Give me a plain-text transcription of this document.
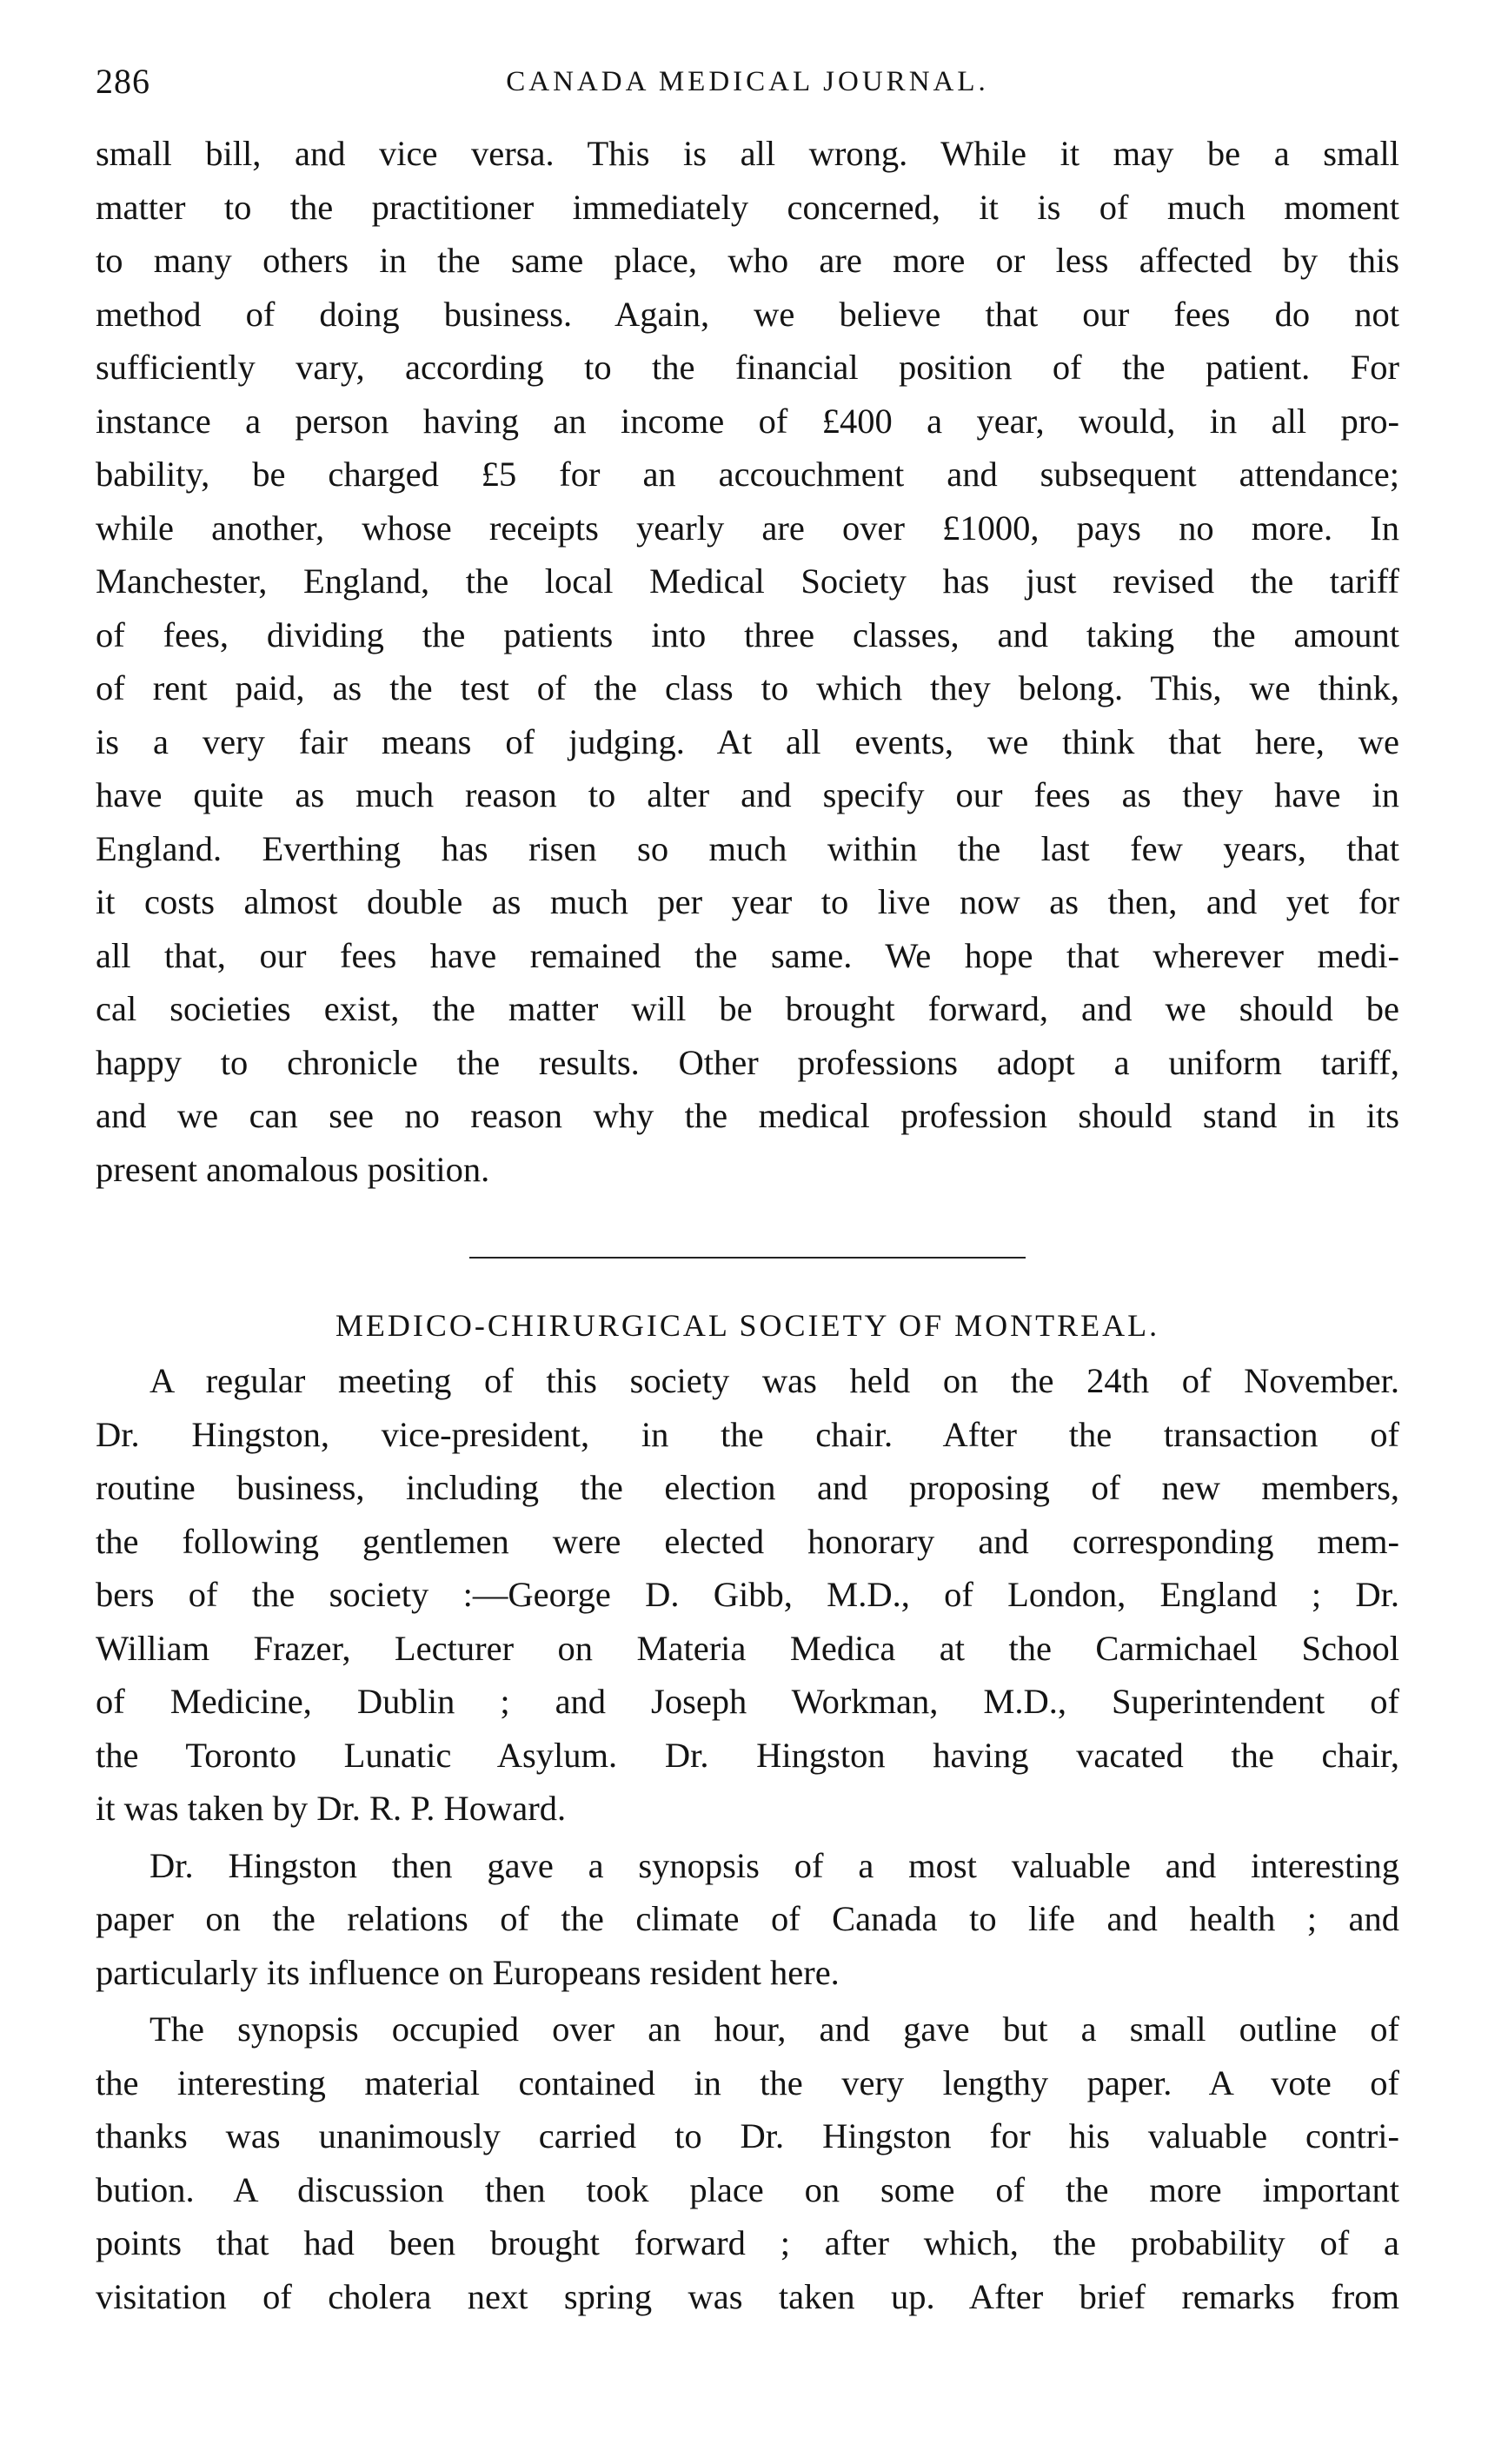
286	CANADA MEDICAL JOURNAL.
small bill, and vice versa. This is all wrong. While it may be a small
matter to the practitioner immediately concerned, it is of much moment
to many others in the same place, who are more or less affected by this
method of doing business. Again, we believe that our fees do not
sufficiently vary, according to the financial position of the patient. For
instance a person having an income of £400 a year, would, in all pro-
bability, be charged £5 for an accouchment and subsequent attendance;
while another, whose receipts yearly are over £1000, pays no more. In
Manchester, England, the local Medical Society has just revised the tariff
of fees, dividing the patients into three classes, and taking the amount
of rent paid, as the test of the class to which they belong. This, we think,
is a very fair means of judging. At all events, we think that here, we
have quite as much reason to alter and specify our fees as they have in
England. Everthing has risen so much within the last few years, that
it costs almost double as much per year to live now as then, and yet for
all that, our fees have remained the same. We hope that wherever medi-
cal societies exist, the matter will be brought forward, and we should be
happy to chronicle the results. Other professions adopt a uniform tariff,
and we can see no reason why the medical profession should stand in its
present anomalous position.
MEDICO-CHIRURGICAL SOCIETY OF MONTREAL.
A regular meeting of this society was held on the 24th of November.
Dr. Hingston, vice-president, in the chair. After the transaction of
routine business, including the election and proposing of new members,
the following gentlemen were elected honorary and corresponding mem-
bers of the society :—George D. Gibb, M.D., of London, England ; Dr.
William Frazer, Lecturer on Materia Medica at the Carmichael School
of Medicine, Dublin ; and Joseph Workman, M.D., Superintendent of
the Toronto Lunatic Asylum. Dr. Hingston having vacated the chair,
it was taken by Dr. R. P. Howard.
Dr. Hingston then gave a synopsis of a most valuable and interesting
paper on the relations of the climate of Canada to life and health ; and
particularly its influence on Europeans resident here.
The synopsis occupied over an hour, and gave but a small outline of
the interesting material contained in the very lengthy paper. A vote of
thanks was unanimously carried to Dr. Hingston for his valuable contri-
bution. A discussion then took place on some of the more important
points that had been brought forward ; after which, the probability of a
visitation of cholera next spring was taken up. After brief remarks from
